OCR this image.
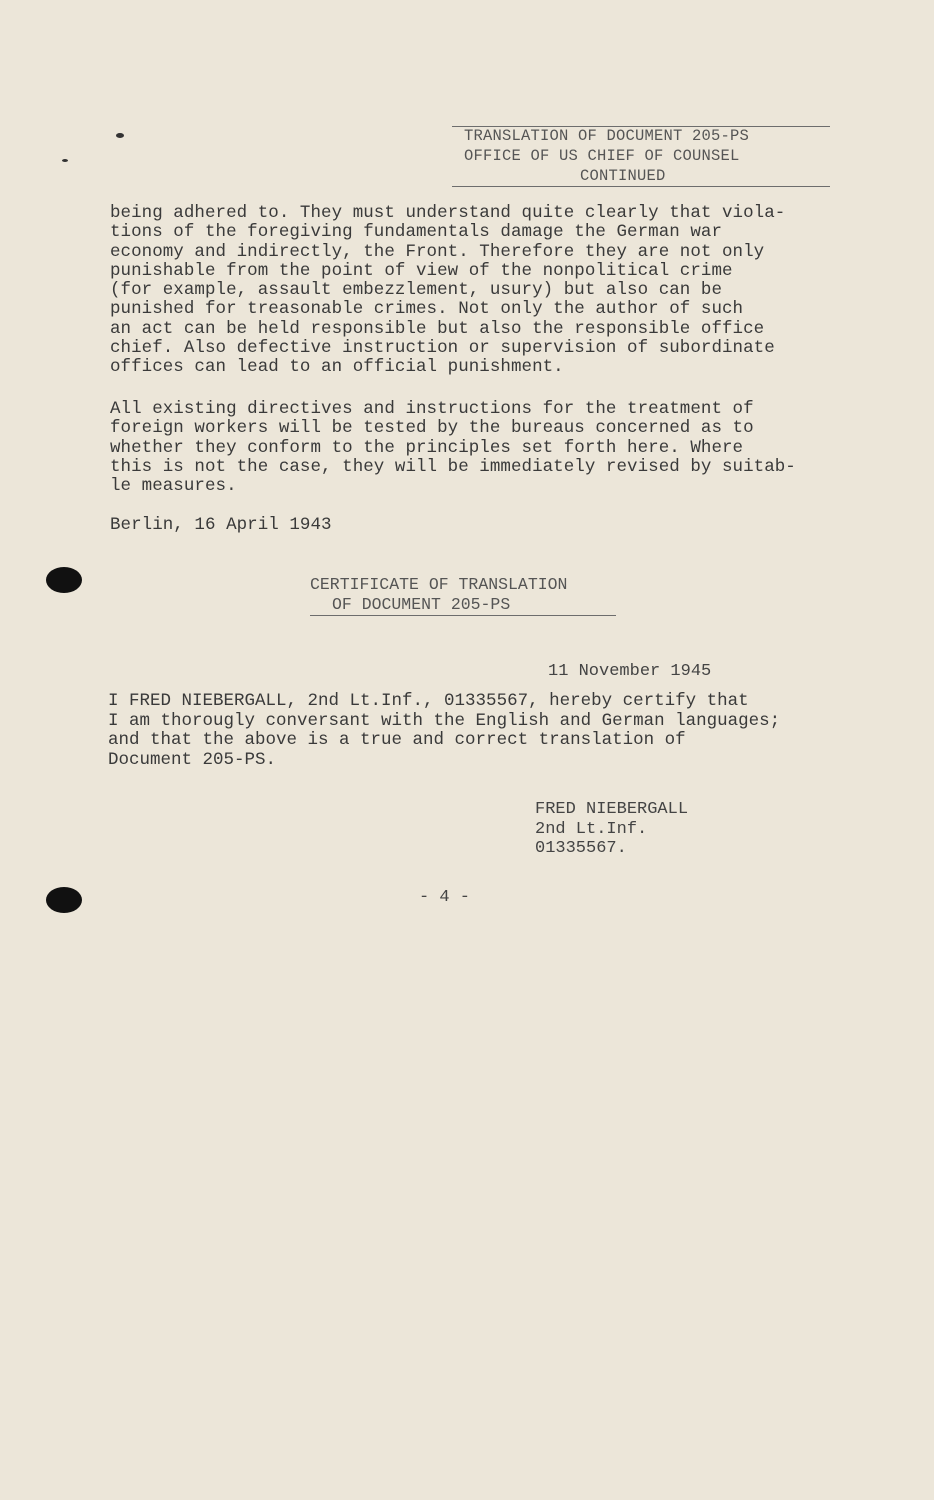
TRANSLATION OF DOCUMENT 205-PS
OFFICE OF US CHIEF OF COUNSEL
CONTINUED
being adhered to. They must understand quite clearly that viola-
tions of the foregiving fundamentals damage the German war
economy and indirectly, the Front. Therefore they are not only
punishable from the point of view of the nonpolitical crime
(for example, assault embezzlement, usury) but also can be
punished for treasonable crimes. Not only the author of such
an act can be held responsible but also the responsible office
chief. Also defective instruction or supervision of subordinate
offices can lead to an official punishment.
All existing directives and instructions for the treatment of
foreign workers will be tested by the bureaus concerned as to
whether they conform to the principles set forth here. Where
this is not the case, they will be immediately revised by suitab-
le measures.
Berlin, 16 April 1943
CERTIFICATE OF TRANSLATION
OF DOCUMENT 205-PS
11 November 1945
I FRED NIEBERGALL, 2nd Lt.Inf., 01335567, hereby certify that
I am thorougly conversant with the English and German languages;
and that the above is a true and correct translation of
Document 205-PS.
FRED NIEBERGALL
2nd Lt.Inf.
01335567.
- 4 -
